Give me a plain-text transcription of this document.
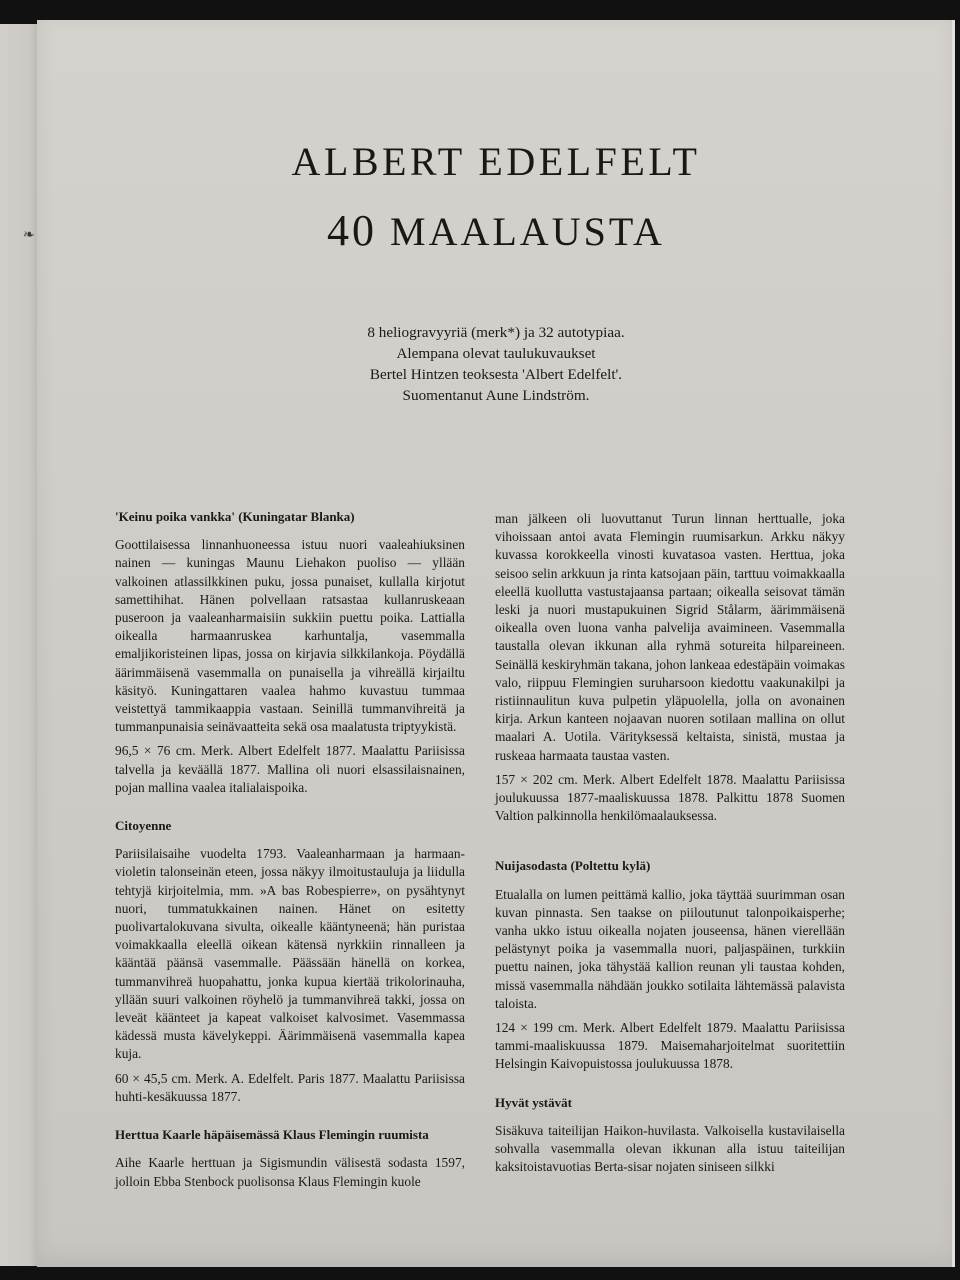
❧
ALBERT EDELFELT
40 MAALAUSTA
8 heliogravyyriä (merk*) ja 32 autotypiaa.
Alempana olevat taulukuvaukset
Bertel Hintzen teoksesta 'Albert Edelfelt'.
Suomentanut Aune Lindström.

'Keinu poika vankka' (Kuningatar Blanka)

Goottilaisessa linnanhuoneessa istuu nuori vaaleahiuksinen nainen — kuningas Maunu Liehakon puoliso — yllään valkoinen atlassilkkinen puku, jossa punaiset, kullalla kirjotut samettihihat. Hänen polvellaan ratsastaa kullanruskeaan puseroon ja vaaleanharmaisiin sukkiin puettu poika. Lattialla oikealla harmaanruskea karhuntalja, vasemmalla emaljikoristeinen lipas, jossa on kirjavia silkkilankoja. Pöydällä äärimmäisenä vasemmalla on punaisella ja vihreällä kirjailtu käsityö. Kuningattaren vaalea hahmo kuvastuu tummaa veistettyä tammikaappia vastaan. Seinillä tummanvihreitä ja tummanpunaisia seinävaatteita sekä osa maalatusta triptyykistä.

96,5 × 76 cm. Merk. Albert Edelfelt 1877. Maalattu Pariisissa talvella ja keväällä 1877. Mallina oli nuori elsassilaisnainen, pojan mallina vaalea italialaispoika.

Citoyenne

Pariisilaisaihe vuodelta 1793. Vaaleanharmaan ja harmaanvioletin talonseinän eteen, jossa näkyy ilmoitustauluja ja liidulla tehtyjä kirjoitelmia, mm. »A bas Robespierre», on pysähtynyt nuori, tummatukkainen nainen. Hänet on esitetty puolivartalokuvana sivulta, oikealle kääntyneenä; hän puristaa voimakkaalla eleellä oikean kätensä nyrkkiin rinnalleen ja kääntää päänsä vasemmalle. Päässään hänellä on korkea, tummanvihreä huopahattu, jonka kupua kiertää trikolorinauha, yllään suuri valkoinen röyhelö ja tummanvihreä takki, jossa on leveät käänteet ja kapeat valkoiset kalvosimet. Vasemmassa kädessä musta kävelykeppi. Äärimmäisenä vasemmalla kapea kuja.

60 × 45,5 cm. Merk. A. Edelfelt. Paris 1877. Maalattu Pariisissa huhti-kesäkuussa 1877.

Herttua Kaarle häpäisemässä Klaus Flemingin ruumista

Aihe Kaarle herttuan ja Sigismundin välisestä sodasta 1597, jolloin Ebba Stenbock puolisonsa Klaus Flemingin kuole

man jälkeen oli luovuttanut Turun linnan herttualle, joka vihoissaan antoi avata Flemingin ruumisarkun. Arkku näkyy kuvassa korokkeella vinosti kuvatasoa vasten. Herttua, joka seisoo selin arkkuun ja rinta katsojaan päin, tarttuu voimakkaalla eleellä kuollutta vastustajaansa partaan; oikealla seisovat tämän leski ja nuori mustapukuinen Sigrid Stålarm, äärimmäisenä oikealla oven luona vanha palvelija avaimineen. Vasemmalla taustalla olevan ikkunan alla ryhmä sotureita hilpareineen. Seinällä keskiryhmän takana, johon lankeaa edestäpäin voimakas valo, riippuu Flemingien suruharsoon kiedottu vaakunakilpi ja ristiinnaulitun kuva pulpetin yläpuolella, jolla on avonainen kirja. Arkun kanteen nojaavan nuoren sotilaan mallina on ollut maalari A. Uotila. Värityksessä keltaista, sinistä, mustaa ja ruskeaa harmaata taustaa vasten.

157 × 202 cm. Merk. Albert Edelfelt 1878. Maalattu Pariisissa joulukuussa 1877-maaliskuussa 1878. Palkittu 1878 Suomen Valtion palkinnolla henkilömaalauksessa.

Nuijasodasta (Poltettu kylä)

Etualalla on lumen peittämä kallio, joka täyttää suurimman osan kuvan pinnasta. Sen taakse on piiloutunut talonpoikaisperhe; vanha ukko istuu oikealla nojaten jouseensa, hänen vierellään pelästynyt poika ja vasemmalla nuori, paljaspäinen, turkkiin puettu nainen, joka tähystää kallion reunan yli taustaa kohden, missä vasemmalla nähdään joukko sotilaita lähtemässä palavista taloista.

124 × 199 cm. Merk. Albert Edelfelt 1879. Maalattu Pariisissa tammi-maaliskuussa 1879. Maisemaharjoitelmat suoritettiin Helsingin Kaivopuistossa joulukuussa 1878.

Hyvät ystävät

Sisäkuva taiteilijan Haikon-huvilasta. Valkoisella kustavilaisella sohvalla vasemmalla olevan ikkunan alla istuu taiteilijan kaksitoistavuotias Berta-sisar nojaten siniseen silkki
